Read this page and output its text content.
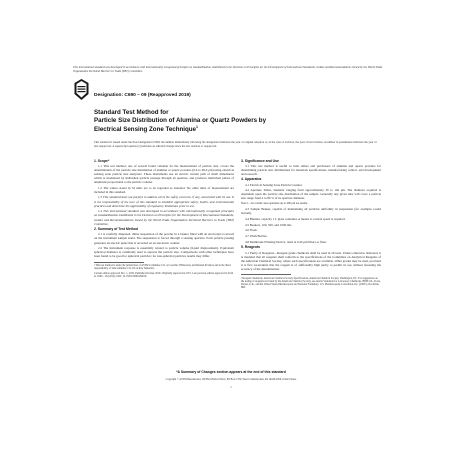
This international standard was developed in accordance with internationally recognized principles on standardization established in the Decision on Principles for the Development of International Standards, Guides and Recommendations issued by the World Trade Organization Technical Barriers to Trade (TBT) Committee.
Designation: C690 – 09 (Reapproved 2019)
Standard Test Method for
Particle Size Distribution of Alumina or Quartz Powders by
Electrical Sensing Zone Technique$^1$
This standard is issued under the fixed designation C690; the number immediately following the designation indicates the year of original adoption or, in the case of revision, the year of last revision. A number in parentheses indicates the year of last reapproval. A superscript epsilon (ε) indicates an editorial change since the last revision or reapproval.
1. Scope*

1.1 This test method, one of several found valuable for the measurement of particle size, covers the determination of the particle size distribution of alumina or quartz powders (0.6 to 90.0 μm) using electrical sensing zone particle size analyzers. These instruments use an electric current path of small dimensions which is modulated by individual particle passage through an aperture, and produces individual pulses of amplitude proportional to the particle volume.

1.2 The values stated in SI units are to be regarded as standard. No other units of measurement are included in this standard.

1.3 This standard does not purport to address all of the safety concerns, if any, associated with its use. It is the responsibility of the user of this standard to establish appropriate safety, health, and environmental practices and determine the applicability of regulatory limitations prior to use.

1.4 This international standard was developed in accordance with internationally recognized principles on standardization established in the Decision on Principles for the Development of International Standards, Guides and Recommendations issued by the World Trade Organization Technical Barriers to Trade (TBT) Committee.

2. Summary of Test Method

2.1 A carefully dispersed, dilute suspension of the powder in a beaker filled with an electrolyte is placed on the instrument sample stand. The suspension is forced through a sensing aperture. Each particle passing generates an electric pulse that is recorded on an electronic counter.

2.2 The instrument response is essentially related to particle volume (liquid displacement). Equivalent spherical diameter is commonly used to express the particle size. Comparisons with other techniques have been found to be good for spherical particles; for non-spherical particles results may differ.

¹ This test method is under the jurisdiction of ASTM Committee C21 on Ceramic Whitewares and Related Products and is the direct responsibility of Subcommittee C21.04 on Raw Materials.

Current edition approved Dec. 1, 2019. Published October 2019. Originally approved in 1971. Last previous edition approved in 2014 as C690 – 09 (2014). DOI: 10.1520/C0690-09R19.

3. Significance and Use

3.1 This test method is useful to both sellers and purchasers of alumina and quartz powders for determining particle size distributions for materials specifications, manufacturing control, and development and research.

4. Apparatus

4.1 Electrical Sensing Zone Particle Counter.

4.2 Aperture Tubes, diameter ranging from approximately 30 to 140 μm. The diameter required is dependent upon the particle size distribution of the sample. Generally any given tube will cover a particle size range from 2 to 80 % of its aperture diameter.

Note 1—In certain cases apertures up to 400 μm are usable.

4.3 Sample Beaker, capable of maintaining all particles uniformly in suspension (for example, round bottom).

4.4 Blender, capacity 1 L glass container. A means to control speed is required.

4.5 Beakers, 100, 500, and 1000 mL.

4.6 Flask.

4.7 Wash Bottles.

4.8 Membrane Filtering Device, rated at 0.45 μm filters or finer.

5. Reagents

5.1 Purity of Reagents—Reagent grade chemicals shall be used in all tests. Unless otherwise indicated, it is intended that all reagents shall conform to the specifications of the Committee on Analytical Reagents of the American Chemical Society, where such specifications are available. Other grades may be used, provided it is first ascertained that the reagent is of sufficiently high purity to permit its use without lessening the accuracy of the determination.

² Reagent Chemicals, American Chemical Society Specifications, American Chemical Society, Washington, DC. For suggestions on the testing of reagents not listed by the American Chemical Society, see Analar Standards for Laboratory Chemicals, BDH Ltd., Poole, Dorset, U.K., and the United States Pharmacopeia and National Formulary, U.S. Pharmacopeial Convention, Inc. (USPC), Rockville, MD.

*A Summary of Changes section appears at the end of this standard
Copyright © ASTM International, 100 Barr Harbor Drive, PO Box C700, West Conshohocken, PA 19428-2959. United States
1
